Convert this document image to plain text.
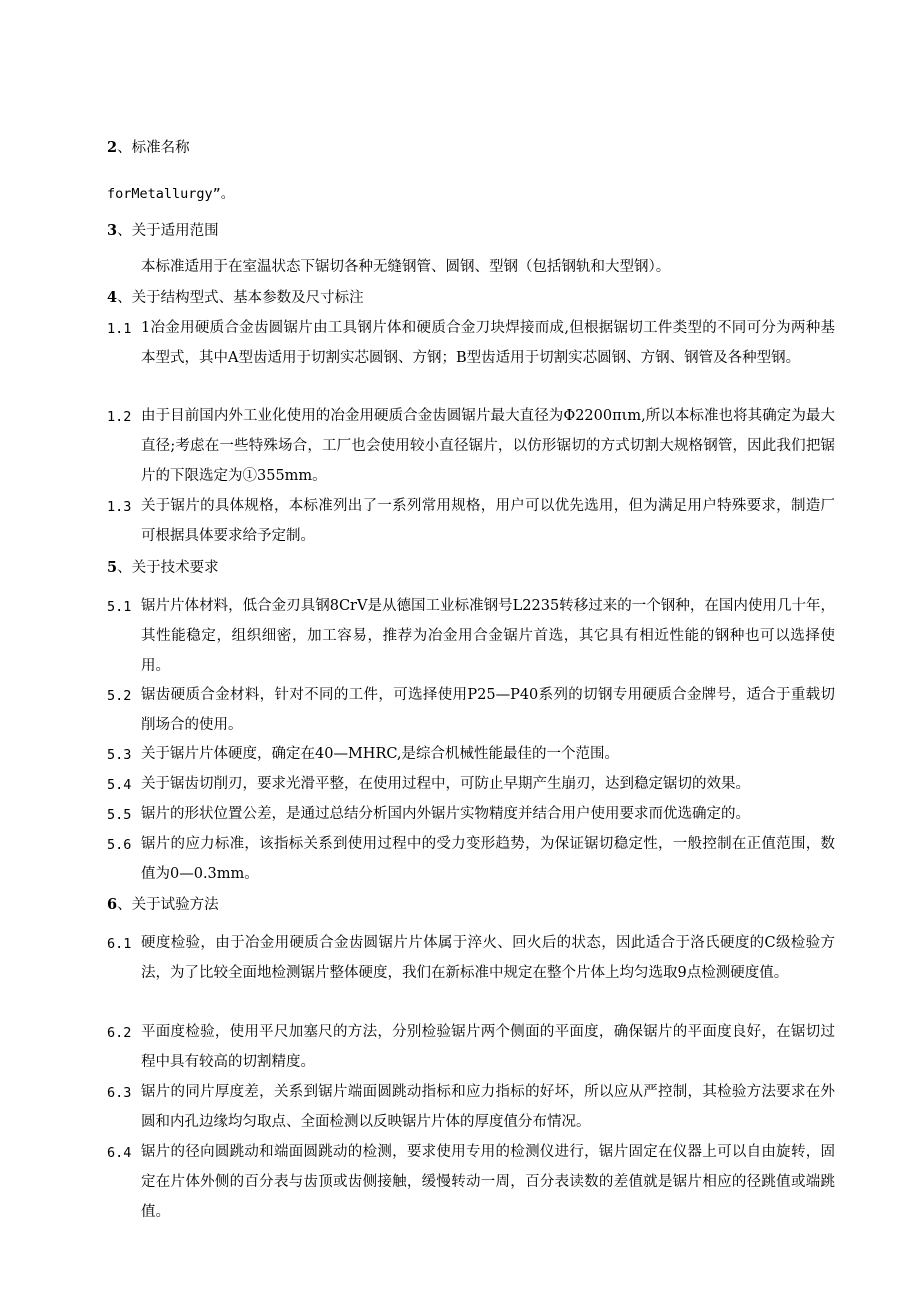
2、标准名称
forMetallurgy”。
3、关于适用范围
本标准适用于在室温状态下锯切各种无缝钢管、圆钢、型钢（包括钢轨和大型钢）。
4、关于结构型式、基本参数及尺寸标注
1.1 1冶金用硬质合金齿圆锯片由工具钢片体和硬质合金刀块焊接而成,但根据锯切工件类型的不同可分为两种基本型式，其中A型齿适用于切割实芯圆钢、方钢；B型齿适用于切割实芯圆钢、方钢、钢管及各种型钢。
1.2 由于目前国内外工业化使用的冶金用硬质合金齿圆锯片最大直径为Φ2200πιm,所以本标准也将其确定为最大直径;考虑在一些特殊场合，工厂也会使用较小直径锯片，以仿形锯切的方式切割大规格钢管，因此我们把锯片的下限选定为①355mm。
1.3 关于锯片的具体规格，本标准列出了一系列常用规格，用户可以优先选用，但为满足用户特殊要求，制造厂可根据具体要求给予定制。
5、关于技术要求
5.1 锯片片体材料，低合金刃具钢8CrV是从德国工业标准钢号L2235转移过来的一个钢种，在国内使用几十年，其性能稳定，组织细密，加工容易，推荐为冶金用合金锯片首选，其它具有相近性能的钢种也可以选择使用。
5.2 锯齿硬质合金材料，针对不同的工件，可选择使用P25—P40系列的切钢专用硬质合金牌号，适合于重载切削场合的使用。
5.3 关于锯片片体硬度，确定在40—MHRC,是综合机械性能最佳的一个范围。
5.4 关于锯齿切削刃，要求光滑平整，在使用过程中，可防止早期产生崩刃，达到稳定锯切的效果。
5.5 锯片的形状位置公差，是通过总结分析国内外锯片实物精度并结合用户使用要求而优选确定的。
5.6 锯片的应力标准，该指标关系到使用过程中的受力变形趋势，为保证锯切稳定性，一般控制在正值范围，数值为0—0.3mm。
6、关于试验方法
6.1 硬度检验，由于冶金用硬质合金齿圆锯片片体属于淬火、回火后的状态，因此适合于洛氏硬度的C级检验方法，为了比较全面地检测锯片整体硬度，我们在新标准中规定在整个片体上均匀选取9点检测硬度值。
6.2 平面度检验，使用平尺加塞尺的方法，分别检验锯片两个侧面的平面度，确保锯片的平面度良好，在锯切过程中具有较高的切割精度。
6.3 锯片的同片厚度差，关系到锯片端面圆跳动指标和应力指标的好坏，所以应从严控制，其检验方法要求在外圆和内孔边缘均匀取点、全面检测以反映锯片片体的厚度值分布情况。
6.4 锯片的径向圆跳动和端面圆跳动的检测，要求使用专用的检测仪进行，锯片固定在仪器上可以自由旋转，固定在片体外侧的百分表与齿顶或齿侧接触，缓慢转动一周，百分表读数的差值就是锯片相应的径跳值或端跳值。
